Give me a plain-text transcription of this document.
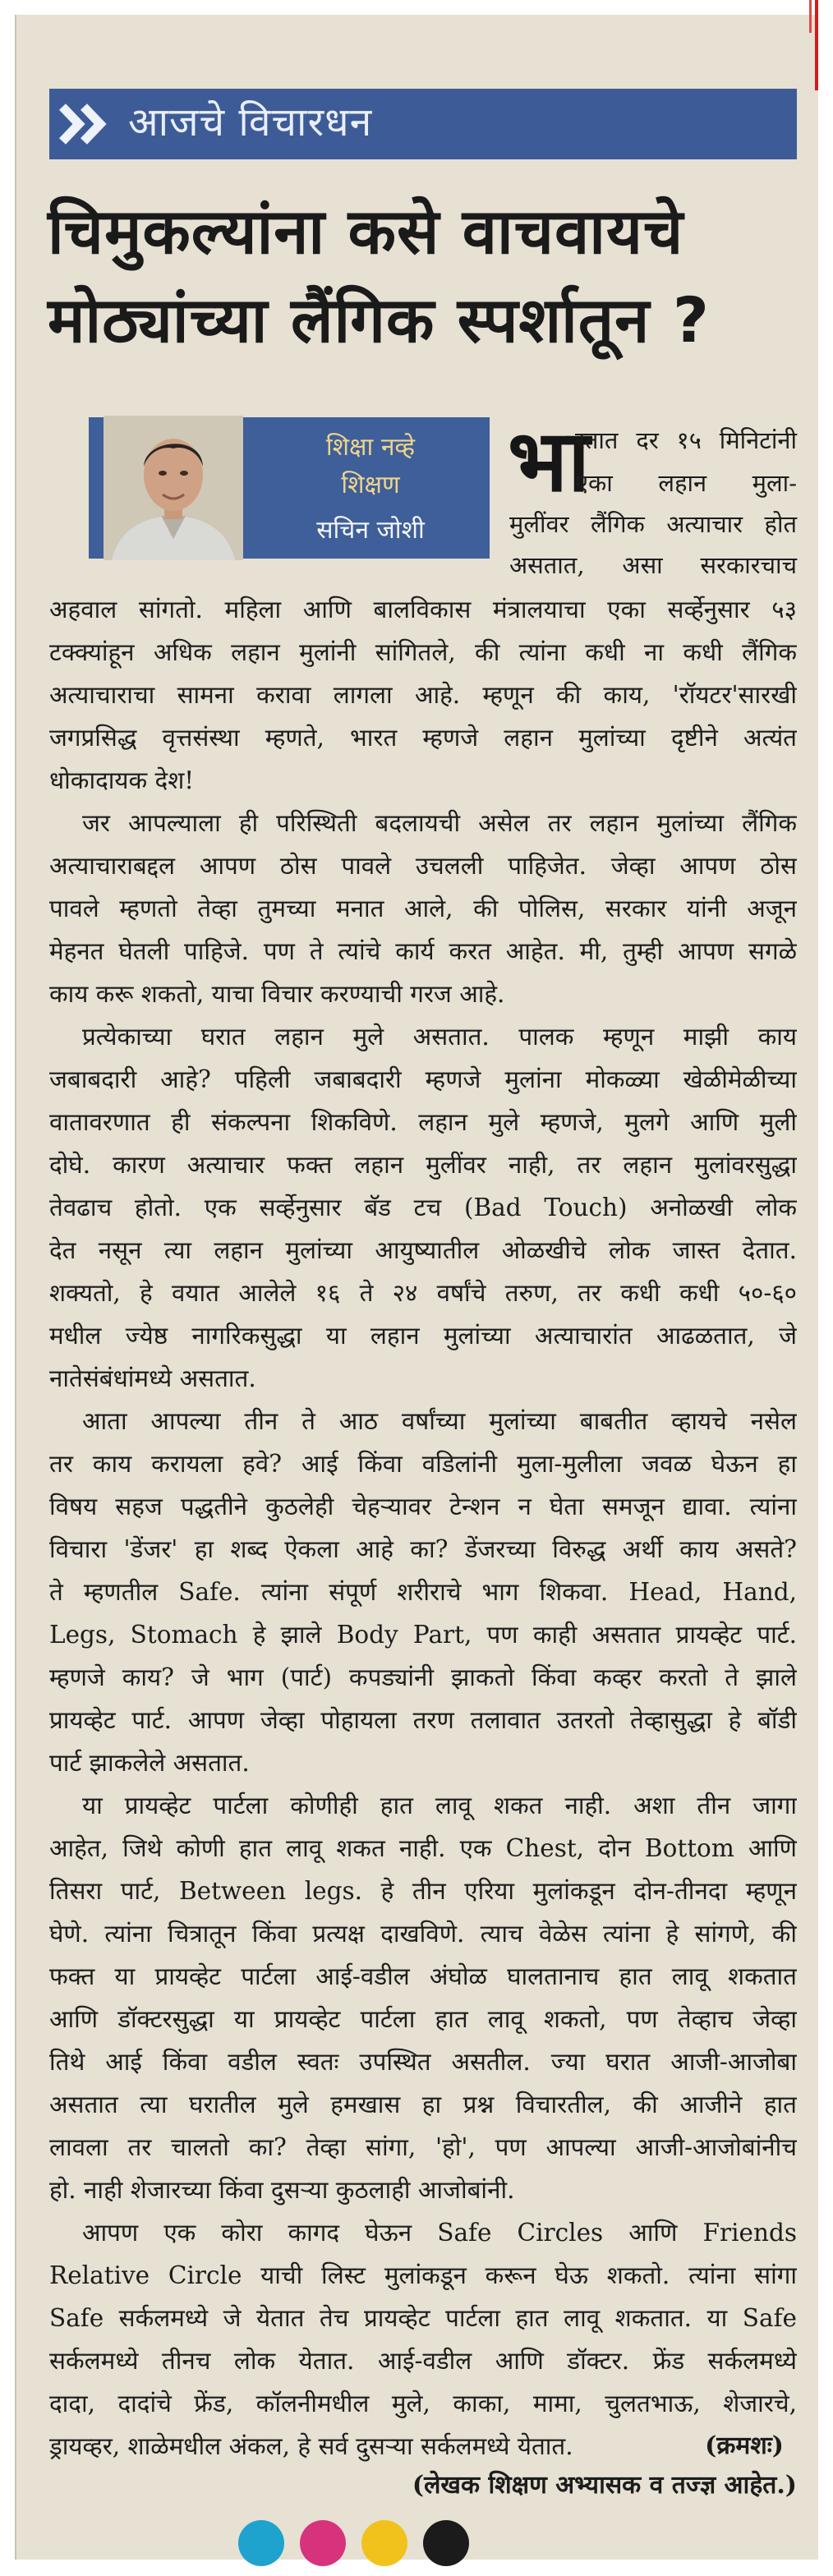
आजचे विचारधन
चिमुकल्यांना कसे वाचवायचे
मोठ्यांच्या लैंगिक स्पर्शातून ?
शिक्षा नव्हे
शिक्षण
सचिन जोशी
भा
रतात दर १५ मिनिटांनी
एका लहान मुला-
मुलींवर लैंगिक अत्याचार होत
असतात, असा सरकारचाच
अहवाल सांगतो. महिला आणि बालविकास मंत्रालयाचा एका सर्व्हेनुसार ५३
टक्क्यांहून अधिक लहान मुलांनी सांगितले, की त्यांना कधी ना कधी लैंगिक
अत्याचाराचा सामना करावा लागला आहे. म्हणून की काय, 'रॉयटर'सारखी
जगप्रसिद्ध वृत्तसंस्था म्हणते, भारत म्हणजे लहान मुलांच्या दृष्टीने अत्यंत
धोकादायक देश!
जर आपल्याला ही परिस्थिती बदलायची असेल तर लहान मुलांच्या लैंगिक
अत्याचाराबद्दल आपण ठोस पावले उचलली पाहिजेत. जेव्हा आपण ठोस
पावले म्हणतो तेव्हा तुमच्या मनात आले, की पोलिस, सरकार यांनी अजून
मेहनत घेतली पाहिजे. पण ते त्यांचे कार्य करत आहेत. मी, तुम्ही आपण सगळे
काय करू शकतो, याचा विचार करण्याची गरज आहे.
प्रत्येकाच्या घरात लहान मुले असतात. पालक म्हणून माझी काय
जबाबदारी आहे? पहिली जबाबदारी म्हणजे मुलांना मोकळ्या खेळीमेळीच्या
वातावरणात ही संकल्पना शिकविणे. लहान मुले म्हणजे, मुलगे आणि मुली
दोघे. कारण अत्याचार फक्त लहान मुलींवर नाही, तर लहान मुलांवरसुद्धा
तेवढाच होतो. एक सर्व्हेनुसार बॅड टच (Bad Touch) अनोळखी लोक
देत नसून त्या लहान मुलांच्या आयुष्यातील ओळखीचे लोक जास्त देतात.
शक्यतो, हे वयात आलेले १६ ते २४ वर्षांचे तरुण, तर कधी कधी ५०-६०
मधील ज्येष्ठ नागरिकसुद्धा या लहान मुलांच्या अत्याचारांत आढळतात, जे
नातेसंबंधांमध्ये असतात.
आता आपल्या तीन ते आठ वर्षांच्या मुलांच्या बाबतीत व्हायचे नसेल
तर काय करायला हवे? आई किंवा वडिलांनी मुला-मुलीला जवळ घेऊन हा
विषय सहज पद्धतीने कुठलेही चेहऱ्यावर टेन्शन न घेता समजून द्यावा. त्यांना
विचारा 'डेंजर' हा शब्द ऐकला आहे का? डेंजरच्या विरुद्ध अर्थी काय असते?
ते म्हणतील Safe. त्यांना संपूर्ण शरीराचे भाग शिकवा. Head, Hand,
Legs, Stomach हे झाले Body Part, पण काही असतात प्रायव्हेट पार्ट.
म्हणजे काय? जे भाग (पार्ट) कपड्यांनी झाकतो किंवा कव्हर करतो ते झाले
प्रायव्हेट पार्ट. आपण जेव्हा पोहायला तरण तलावात उतरतो तेव्हासुद्धा हे बॉडी
पार्ट झाकलेले असतात.
या प्रायव्हेट पार्टला कोणीही हात लावू शकत नाही. अशा तीन जागा
आहेत, जिथे कोणी हात लावू शकत नाही. एक Chest, दोन Bottom आणि
तिसरा पार्ट, Between legs. हे तीन एरिया मुलांकडून दोन-तीनदा म्हणून
घेणे. त्यांना चित्रातून किंवा प्रत्यक्ष दाखविणे. त्याच वेळेस त्यांना हे सांगणे, की
फक्त या प्रायव्हेट पार्टला आई-वडील अंघोळ घालतानाच हात लावू शकतात
आणि डॉक्टरसुद्धा या प्रायव्हेट पार्टला हात लावू शकतो, पण तेव्हाच जेव्हा
तिथे आई किंवा वडील स्वतः उपस्थित असतील. ज्या घरात आजी-आजोबा
असतात त्या घरातील मुले हमखास हा प्रश्न विचारतील, की आजीने हात
लावला तर चालतो का? तेव्हा सांगा, 'हो', पण आपल्या आजी-आजोबांनीच
हो. नाही शेजारच्या किंवा दुसऱ्या कुठलाही आजोबांनी.
आपण एक कोरा कागद घेऊन Safe Circles आणि Friends
Relative Circle याची लिस्ट मुलांकडून करून घेऊ शकतो. त्यांना सांगा
Safe सर्कलमध्ये जे येतात तेच प्रायव्हेट पार्टला हात लावू शकतात. या Safe
सर्कलमध्ये तीनच लोक येतात. आई-वडील आणि डॉक्टर. फ्रेंड सर्कलमध्ये
दादा, दादांचे फ्रेंड, कॉलनीमधील मुले, काका, मामा, चुलतभाऊ, शेजारचे,
ड्रायव्हर, शाळेमधील अंकल, हे सर्व दुसऱ्या सर्कलमध्ये येतात.	(क्रमशः)
(लेखक शिक्षण अभ्यासक व तज्ज्ञ आहेत.)
